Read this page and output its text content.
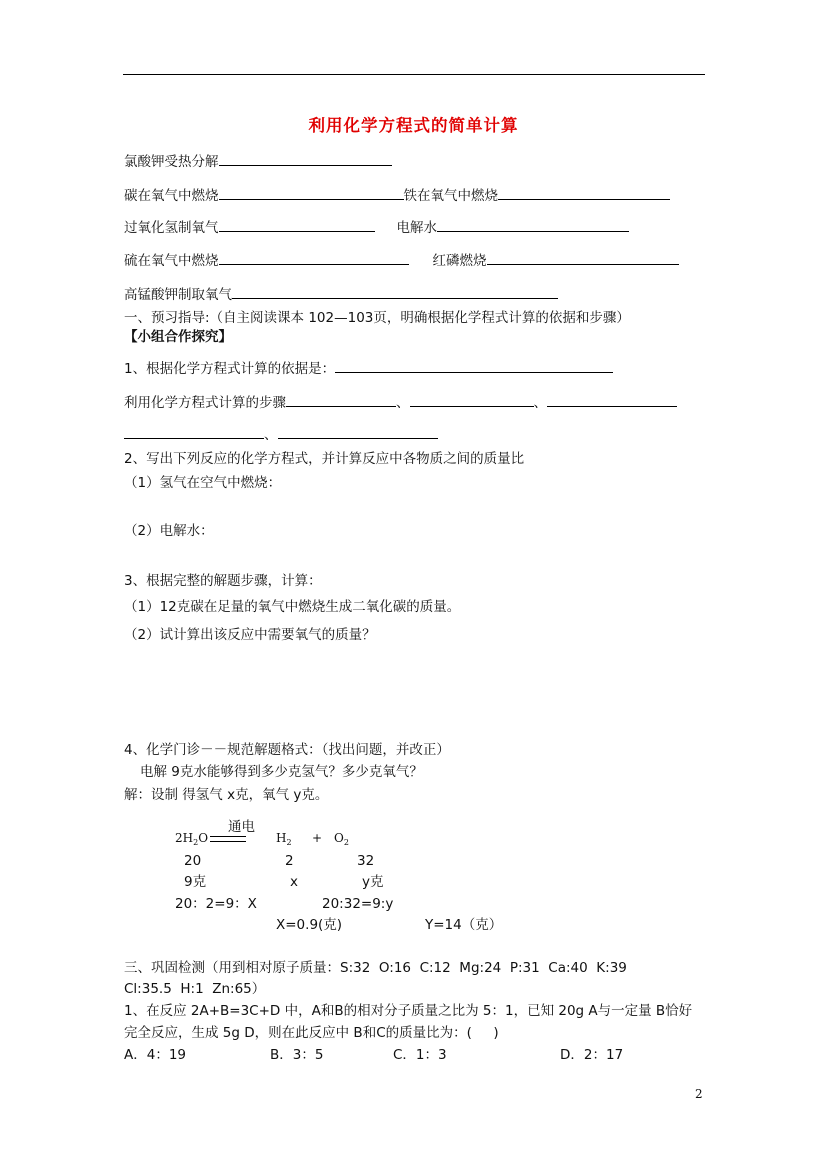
利用化学方程式的简单计算
氯酸钾受热分解
碳在氧气中燃烧	铁在氧气中燃烧
过氧化氢制氧气	电解水
硫在氧气中燃烧	红磷燃烧
高锰酸钾制取氧气
一、预习指导:（自主阅读课本 102—103页，明确根据化学程式计算的依据和步骤）
【小组合作探究】
1、根据化学方程式计算的依据是：
利用化学方程式计算的步骤	、	、
、
2、写出下列反应的化学方程式，并计算反应中各物质之间的质量比
（1）氢气在空气中燃烧：
（2）电解水：
3、根据完整的解题步骤，计算：
（1）12克碳在足量的氧气中燃烧生成二氧化碳的质量。
（2）试计算出该反应中需要氧气的质量？
4、化学门诊－－规范解题格式：（找出问题，并改正）
电解 9克水能够得到多少克氢气？多少克氧气？
解：设制 得氢气 x克，氧气 y克。
通电
$2H_2O$	$H_2 + O_2$
20	2	32
9克	x	y克
20：2=9：X	20:32=9:y
X=0.9(克)	Y=14（克）
三、巩固检测（用到相对原子质量：S:32  O:16  C:12  Mg:24  P:31  Ca:40  K:39
Cl:35.5  H:1  Zn:65）
1、在反应 2A+B=3C+D 中，A和B的相对分子质量之比为 5：1，已知 20g A与一定量 B恰好
完全反应，生成 5g D，则在此反应中 B和C的质量比为：(     )
A．4：19	B．3：5	C．1：3	D．2：17
2
